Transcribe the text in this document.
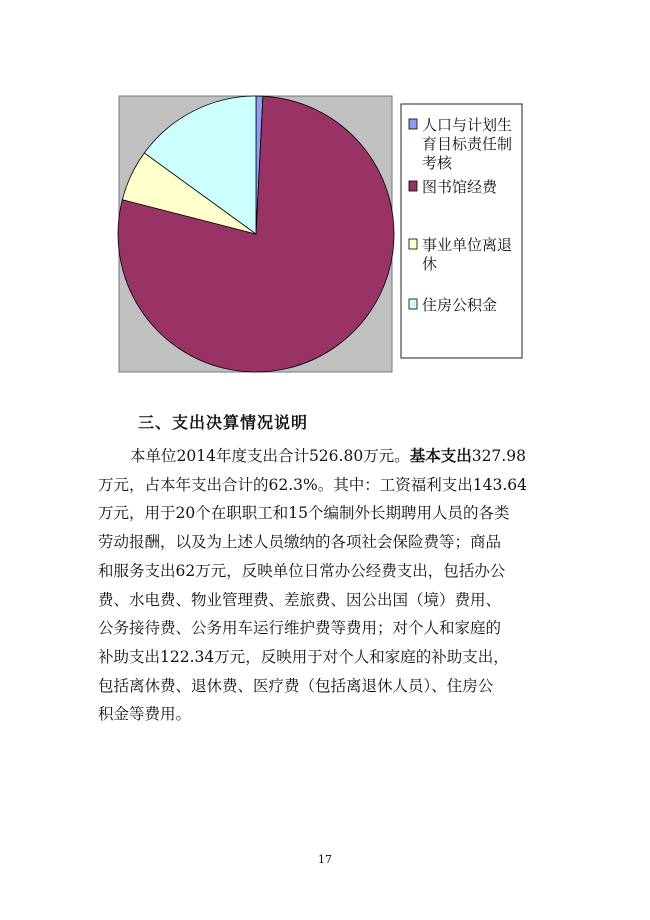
人口与计划生
育目标责任制
考核
图书馆经费
事业单位离退
休
住房公积金
三、支出决算情况说明
本单位2014年度支出合计526.80万元。基本支出327.98
万元，占本年支出合计的62.3%。其中：工资福利支出143.64
万元，用于20个在职职工和15个编制外长期聘用人员的各类
劳动报酬，以及为上述人员缴纳的各项社会保险费等；商品
和服务支出62万元，反映单位日常办公经费支出，包括办公
费、水电费、物业管理费、差旅费、因公出国（境）费用、
公务接待费、公务用车运行维护费等费用；对个人和家庭的
补助支出122.34万元，反映用于对个人和家庭的补助支出，
包括离休费、退休费、医疗费（包括离退休人员）、住房公
积金等费用。
17
